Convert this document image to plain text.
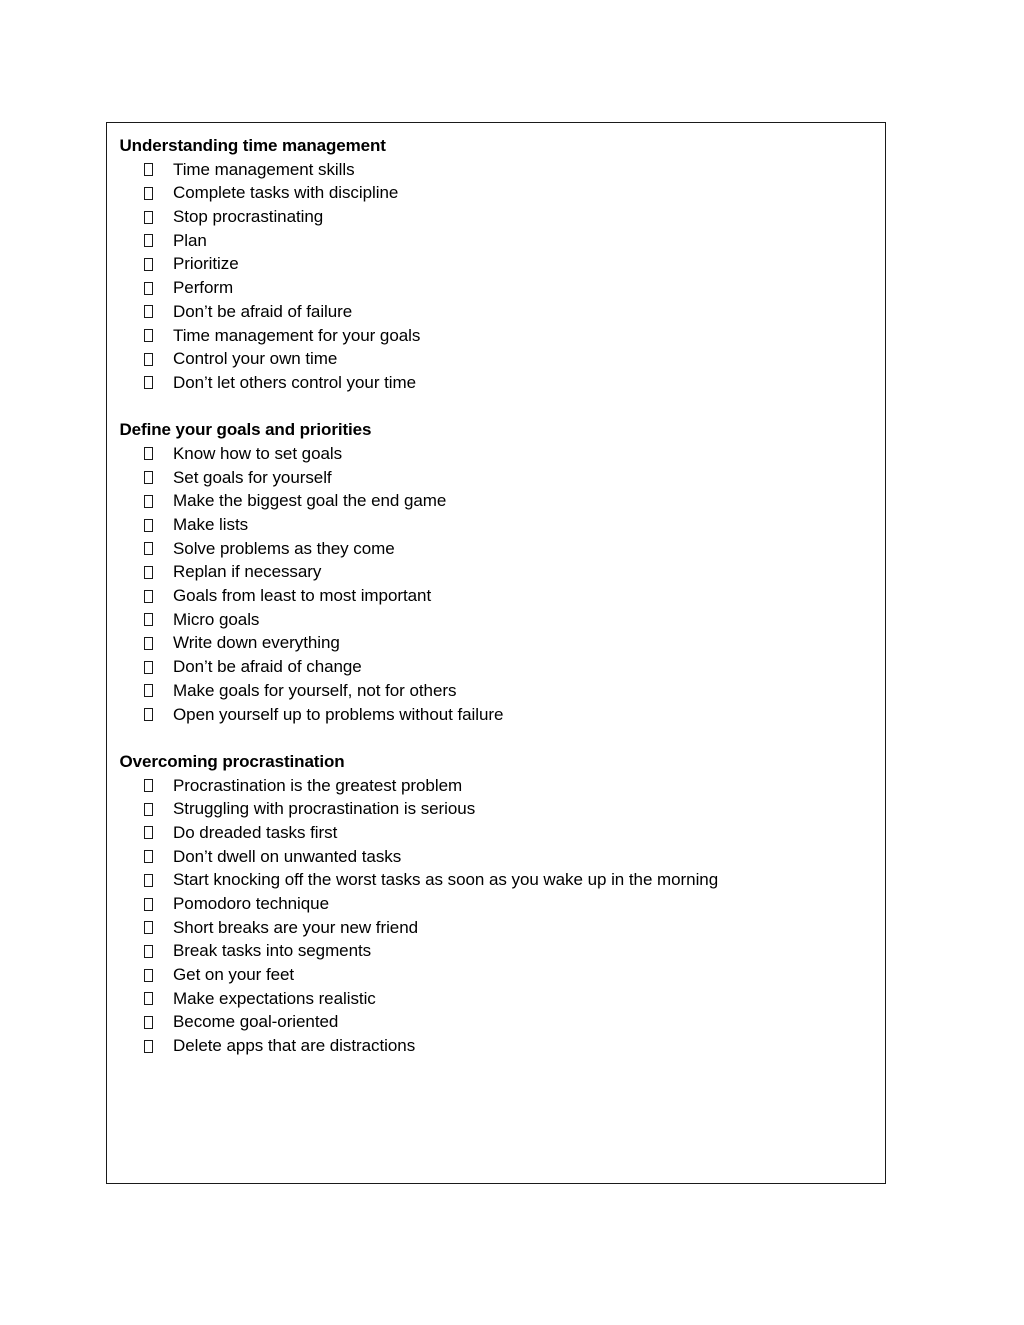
Understanding time management
Time management skills
Complete tasks with discipline
Stop procrastinating
Plan
Prioritize
Perform
Don’t be afraid of failure
Time management for your goals
Control your own time
Don’t let others control your time
Define your goals and priorities
Know how to set goals
Set goals for yourself
Make the biggest goal the end game
Make lists
Solve problems as they come
Replan if necessary
Goals from least to most important
Micro goals
Write down everything
Don’t be afraid of change
Make goals for yourself, not for others
Open yourself up to problems without failure
Overcoming procrastination
Procrastination is the greatest problem
Struggling with procrastination is serious
Do dreaded tasks first
Don’t dwell on unwanted tasks
Start knocking off the worst tasks as soon as you wake up in the morning
Pomodoro technique
Short breaks are your new friend
Break tasks into segments
Get on your feet
Make expectations realistic
Become goal-oriented
Delete apps that are distractions
